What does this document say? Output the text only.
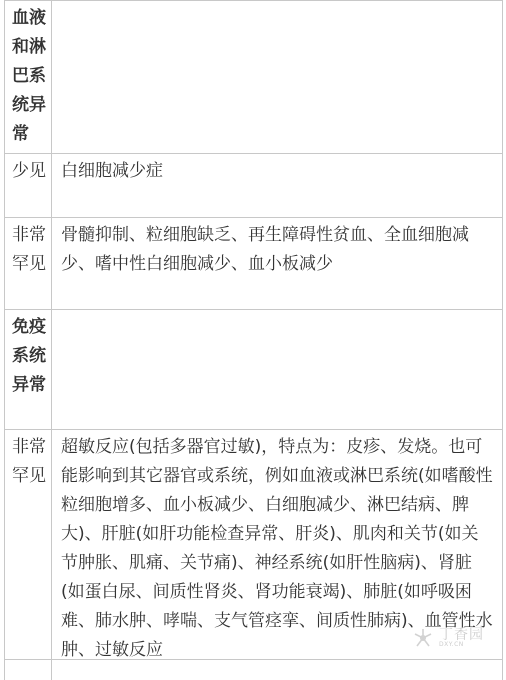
血液和淋巴系统异常
少见 白细胞减少症
非常罕见
骨髓抑制、粒细胞缺乏、再生障碍性贫血、全血细胞减少、嗜中性白细胞减少、血小板减少
免疫系统异常
非常罕见
超敏反应(包括多器官过敏)，特点为：皮疹、发烧。也可能影响到其它器官或系统，例如血液或淋巴系统(如嗜酸性粒细胞增多、血小板减少、白细胞减少、淋巴结病、脾大)、肝脏(如肝功能检查异常、肝炎)、肌肉和关节(如关节肿胀、肌痛、关节痛)、神经系统(如肝性脑病)、肾脏(如蛋白尿、间质性肾炎、肾功能衰竭)、肺脏(如呼吸困难、肺水肿、哮喘、支气管痉挛、间质性肺病)、血管性水肿、过敏反应
丁香园
DXY.CN
